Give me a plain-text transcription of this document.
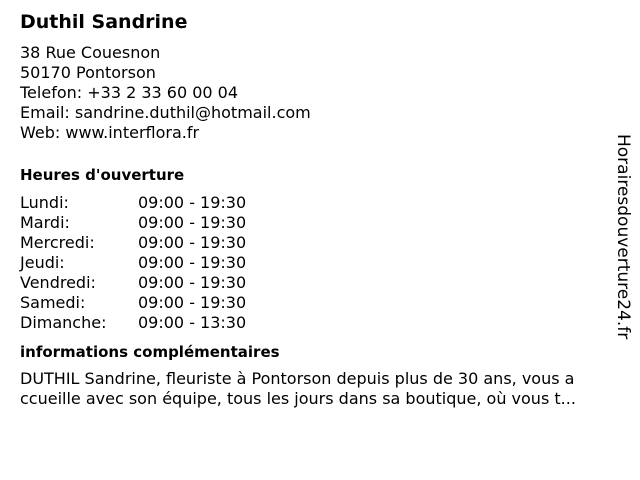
Duthil Sandrine
38 Rue Couesnon
50170 Pontorson
Telefon: +33 2 33 60 00 04
Email: sandrine.duthil@hotmail.com
Web: www.interflora.fr
Heures d'ouverture
Lundi:	09:00 - 19:30
Mardi:	09:00 - 19:30
Mercredi:	09:00 - 19:30
Jeudi:	09:00 - 19:30
Vendredi:	09:00 - 19:30
Samedi:	09:00 - 19:30
Dimanche:	09:00 - 13:30
informations complémentaires
DUTHIL Sandrine, fleuriste à Pontorson depuis plus de 30 ans, vous a
ccueille avec son équipe, tous les jours dans sa boutique, où vous t...
Horairesdouverture24.fr
